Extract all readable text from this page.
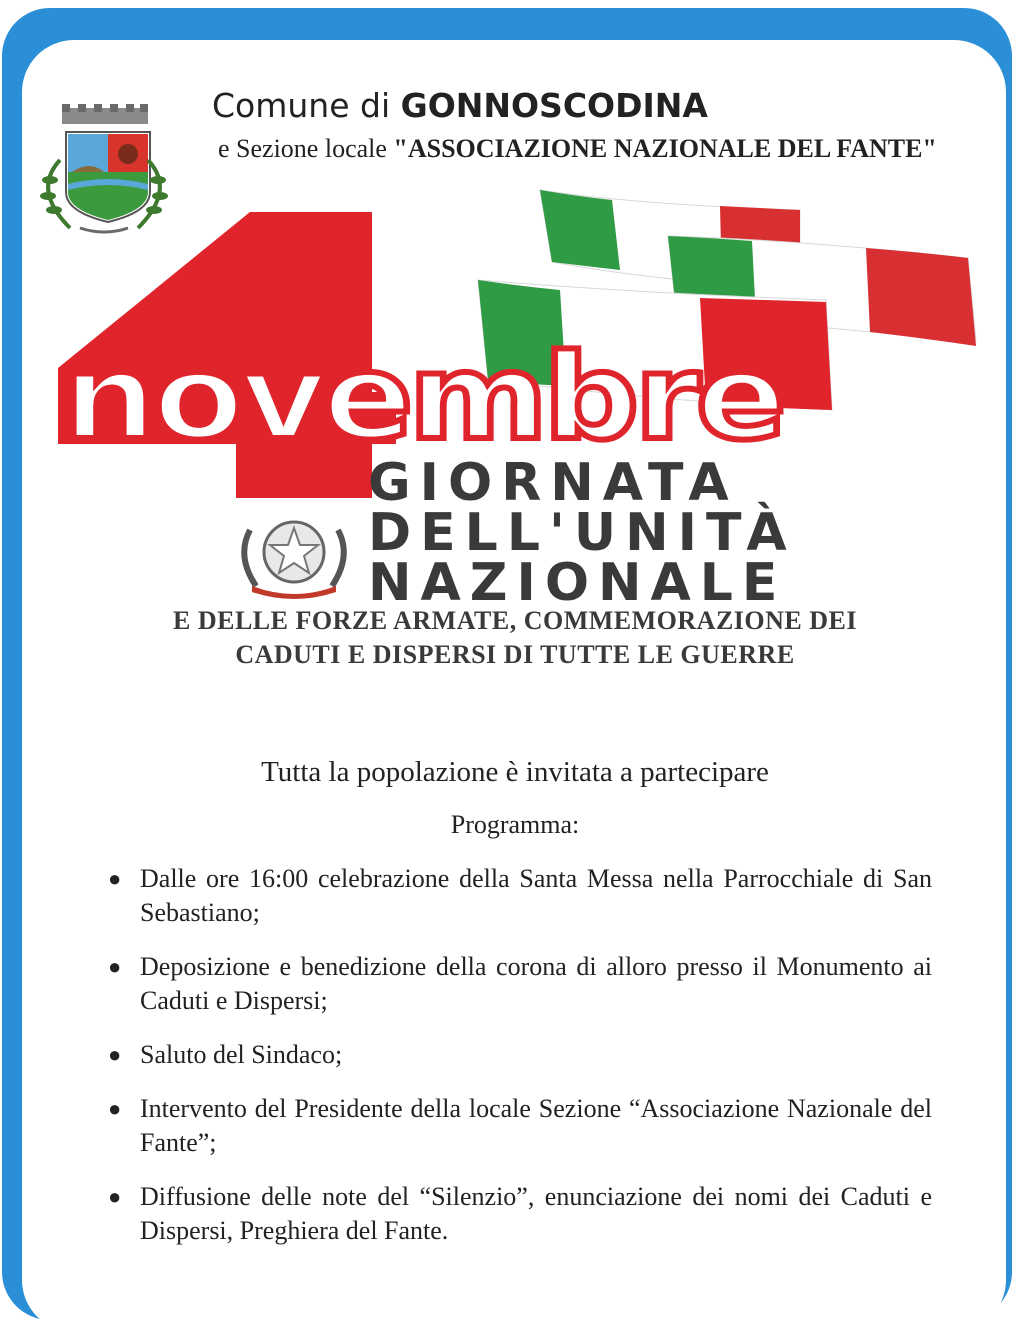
Comune di GONNOSCODINA
e Sezione locale "ASSOCIAZIONE NAZIONALE DEL FANTE"
novembre
GIORNATA
DELL'UNITÀ
NAZIONALE
E DELLE FORZE ARMATE, COMMEMORAZIONE DEI
CADUTI E DISPERSI DI TUTTE LE GUERRE
Tutta la popolazione è invitata a partecipare
Programma:
● Dalle ore 16:00 celebrazione della Santa Messa nella Parrocchiale di San Sebastiano;
● Deposizione e benedizione della corona di alloro presso il Monumento ai Caduti e Dispersi;
● Saluto del Sindaco;
● Intervento del Presidente della locale Sezione “Associazione Nazionale del Fante”;
● Diffusione delle note del “Silenzio”, enunciazione dei nomi dei Caduti e Dispersi, Preghiera del Fante.
